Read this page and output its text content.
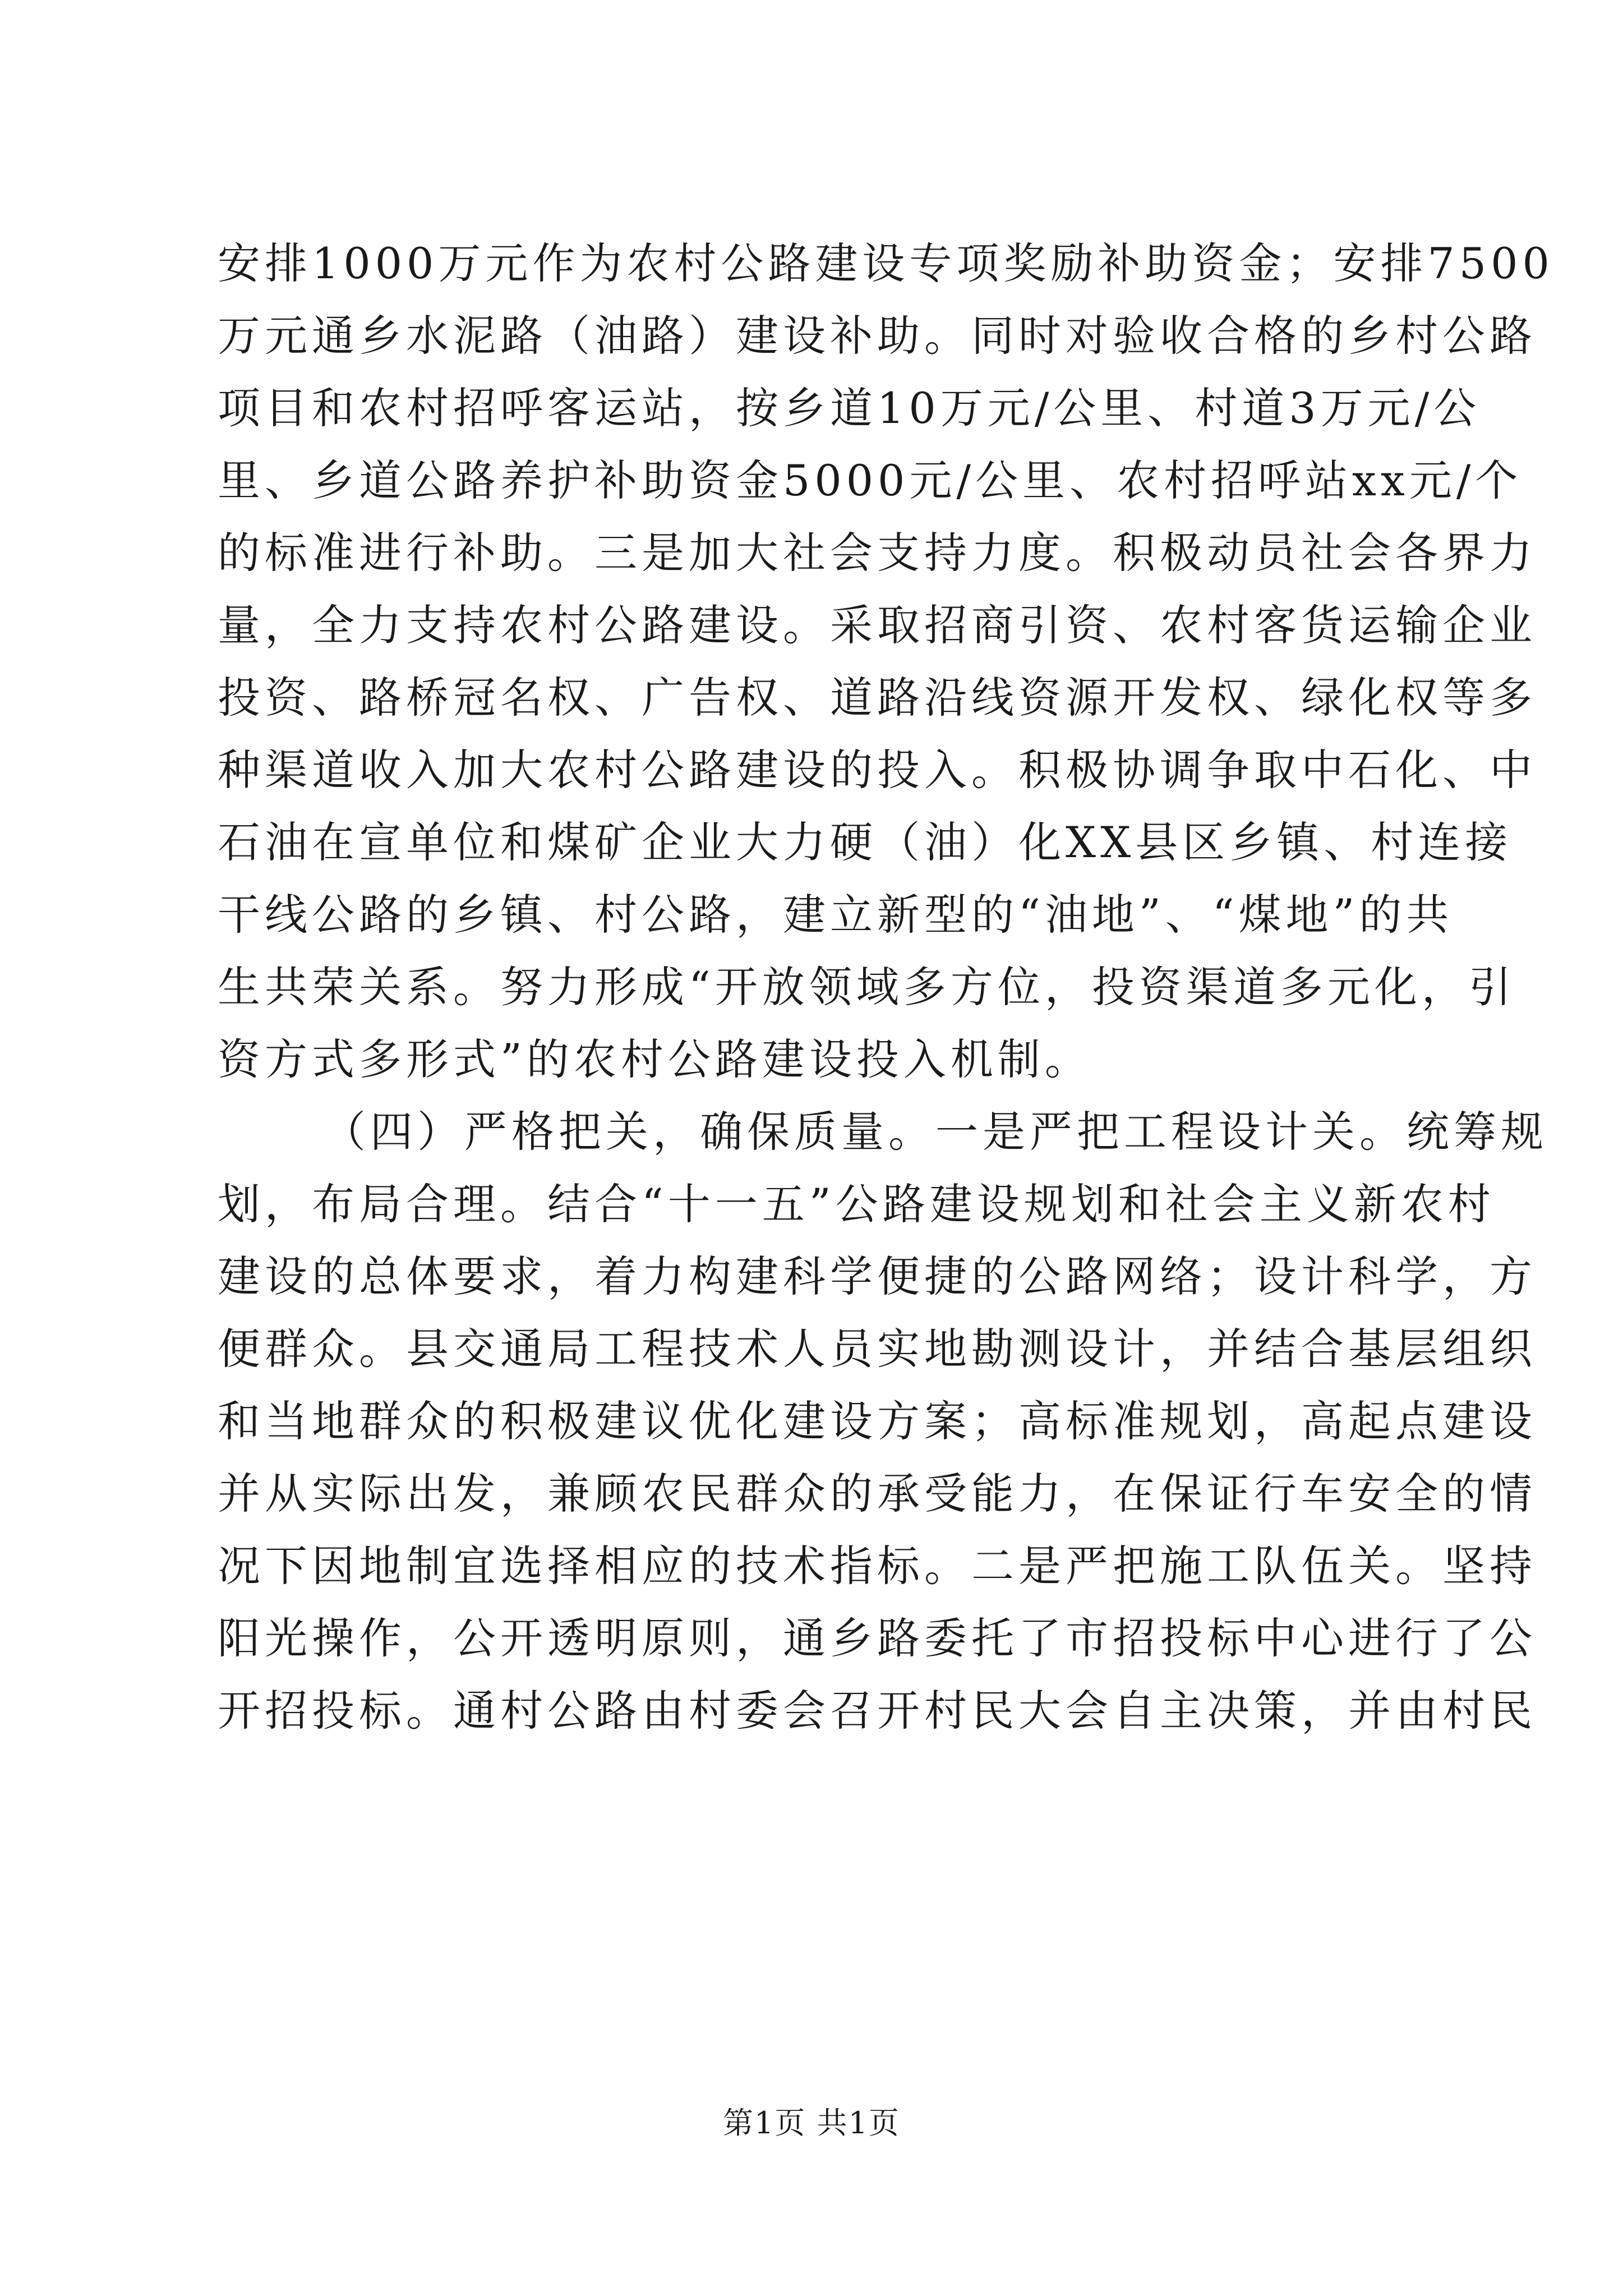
安排1000万元作为农村公路建设专项奖励补助资金；安排7500
万元通乡水泥路（油路）建设补助。同时对验收合格的乡村公路
项目和农村招呼客运站，按乡道10万元/公里、村道3万元/公
里、乡道公路养护补助资金5000元/公里、农村招呼站xx元/个
的标准进行补助。三是加大社会支持力度。积极动员社会各界力
量，全力支持农村公路建设。采取招商引资、农村客货运输企业
投资、路桥冠名权、广告权、道路沿线资源开发权、绿化权等多
种渠道收入加大农村公路建设的投入。积极协调争取中石化、中
石油在宣单位和煤矿企业大力硬（油）化XX县区乡镇、村连接
干线公路的乡镇、村公路，建立新型的“油地”、“煤地”的共
生共荣关系。努力形成“开放领域多方位，投资渠道多元化，引
资方式多形式”的农村公路建设投入机制。
（四）严格把关，确保质量。一是严把工程设计关。统筹规
划，布局合理。结合“十一五”公路建设规划和社会主义新农村
建设的总体要求，着力构建科学便捷的公路网络；设计科学，方
便群众。县交通局工程技术人员实地勘测设计，并结合基层组织
和当地群众的积极建议优化建设方案；高标准规划，高起点建设
并从实际出发，兼顾农民群众的承受能力，在保证行车安全的情
况下因地制宜选择相应的技术指标。二是严把施工队伍关。坚持
阳光操作，公开透明原则，通乡路委托了市招投标中心进行了公
开招投标。通村公路由村委会召开村民大会自主决策，并由村民
第1页 共1页
